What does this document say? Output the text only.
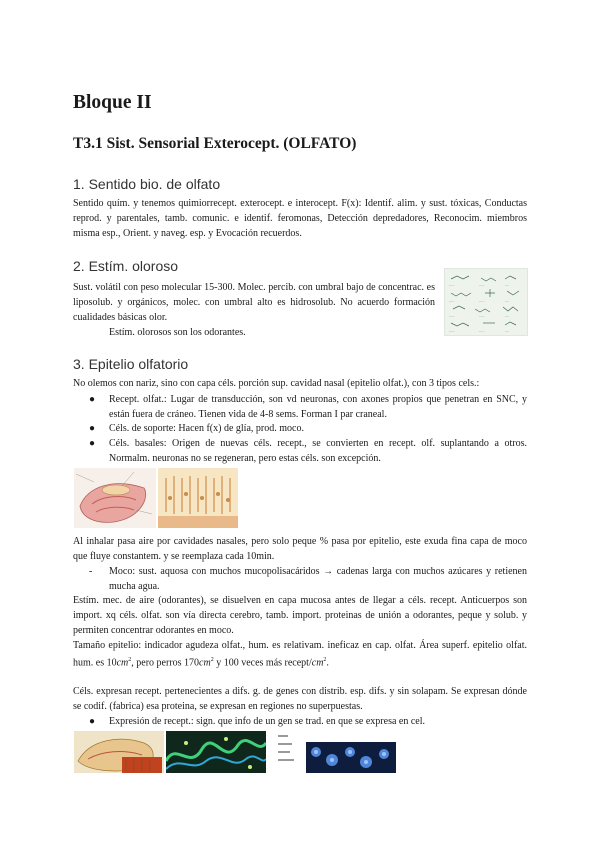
Bloque II
T3.1 Sist. Sensorial Exterocept. (OLFATO)
1. Sentido bio. de olfato

Sentido quím. y tenemos quimiorrecept. exterocept. e interocept. F(x): Identif. alim. y sust. tóxicas, Conductas reprod. y parentales, tamb. comunic. e identif. feromonas, Detección depredadores, Reconocim. miembros misma esp., Orient. y naveg. esp. y Evocación recuerdos.

2. Estím. oloroso

Sust. volátil con peso molecular 15-300. Molec. percib. con umbral bajo de concentrac. es liposolub. y orgánicos, molec. con umbral alto es hidrosolub. No acuerdo formación cualidades básicas olor.

Estím. olorosos son los odorantes.

-----	-----	----
-----	-----	----
-----	-----	----
-----	-----	----
3. Epitelio olfatorio

No olemos con nariz, sino con capa céls. porción sup. cavidad nasal (epitelio olfat.), con 3 tipos cels.:

●	Recept. olfat.: Lugar de transducción, son vd neuronas, con axones propios que penetran en SNC, y están fuera de cráneo. Tienen vida de 4-8 sems. Forman I par craneal.
●	Céls. de soporte: Hacen f(x) de glía, prod. moco.
●	Céls. basales: Origen de nuevas céls. recept., se convierten en recept. olf. suplantando a otros. Normalm. neuronas no se regeneran, pero estas céls. son excepción.

Al inhalar pasa aire por cavidades nasales, pero solo peque % pasa por epitelio, este exuda fina capa de moco que fluye constantem. y se reemplaza cada 10min.

-	Moco: sust. aquosa con muchos mucopolisacáridos → cadenas larga con muchos azúcares y retienen mucha agua.

Estím. mec. de aire (odorantes), se disuelven en capa mucosa antes de llegar a céls. recept. Anticuerpos son import. xq céls. olfat. son vía directa cerebro, tamb. import. proteinas de unión a odorantes, peque y solub. y permiten concentrar odorantes en moco.

Tamaño epitelio: indicador agudeza olfat., hum. es relativam. ineficaz en cap. olfat. Área superf. epitelio olfat. hum. es $10cm^2$, pero perros $170cm^2$ y 100 veces más recept/$cm^2$.

Céls. expresan recept. pertenecientes a difs. g. de genes con distrib. esp. difs. y sin solapam. Se expresan dónde se codif. (fabrica) esa proteina, se expresan en regiones no superpuestas.

●	Expresión de recept.: sign. que info de un gen se trad. en que se expresa en cel.
